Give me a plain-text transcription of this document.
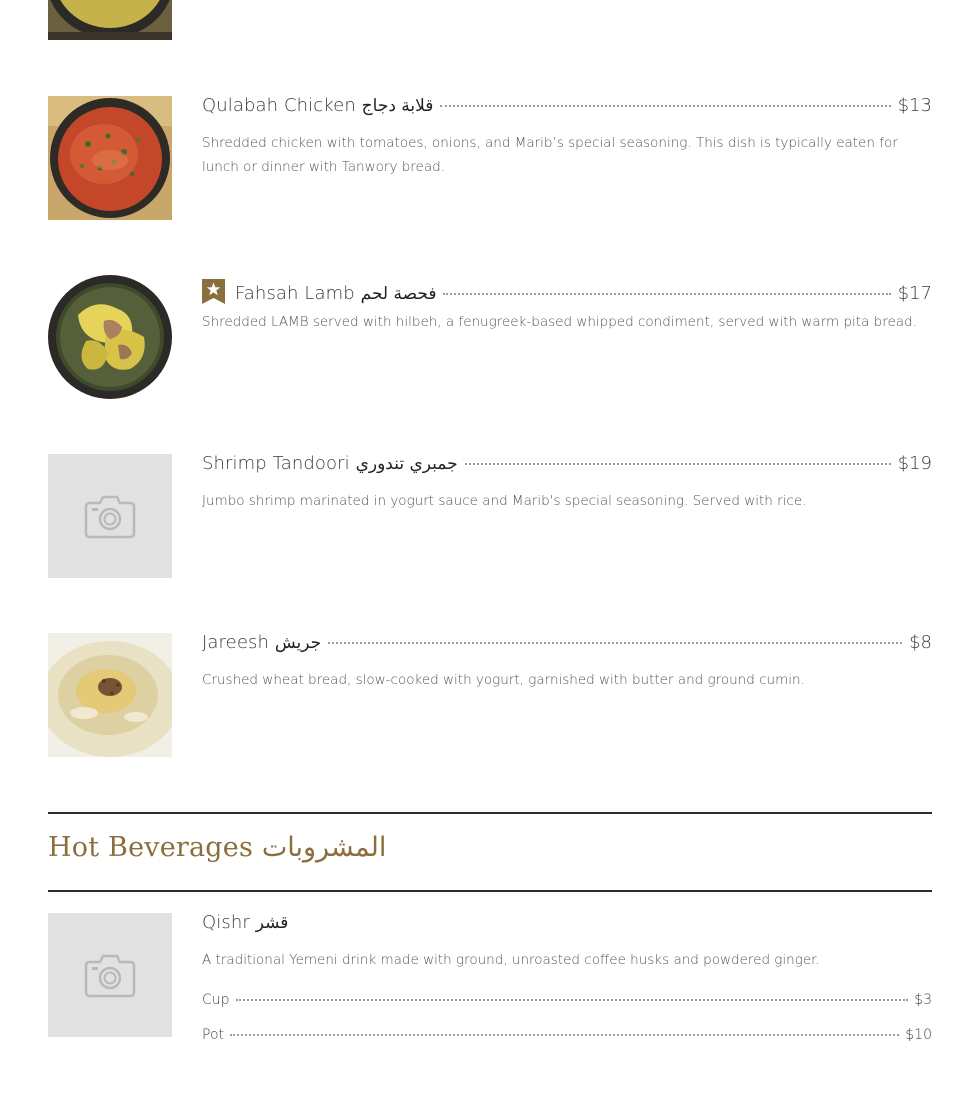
Qulabah Chicken قلابة دجاج	$13
Shredded chicken with tomatoes, onions, and Marib’s special seasoning. This dish is typically eaten for lunch or dinner with Tanwory bread.
Fahsah Lamb فحصة لحم	$17
Shredded LAMB served with hilbeh, a fenugreek-based whipped condiment, served with warm pita bread.
Shrimp Tandoori جمبري تندوري	$19
Jumbo shrimp marinated in yogurt sauce and Marib's special seasoning. Served with rice.
Jareesh جريش	$8
Crushed wheat bread, slow-cooked with yogurt, garnished with butter and ground cumin.
Hot Beverages المشروبات
Qishr قشر
A traditional Yemeni drink made with ground, unroasted coffee husks and powdered ginger.
Cup	$3
Pot	$10
